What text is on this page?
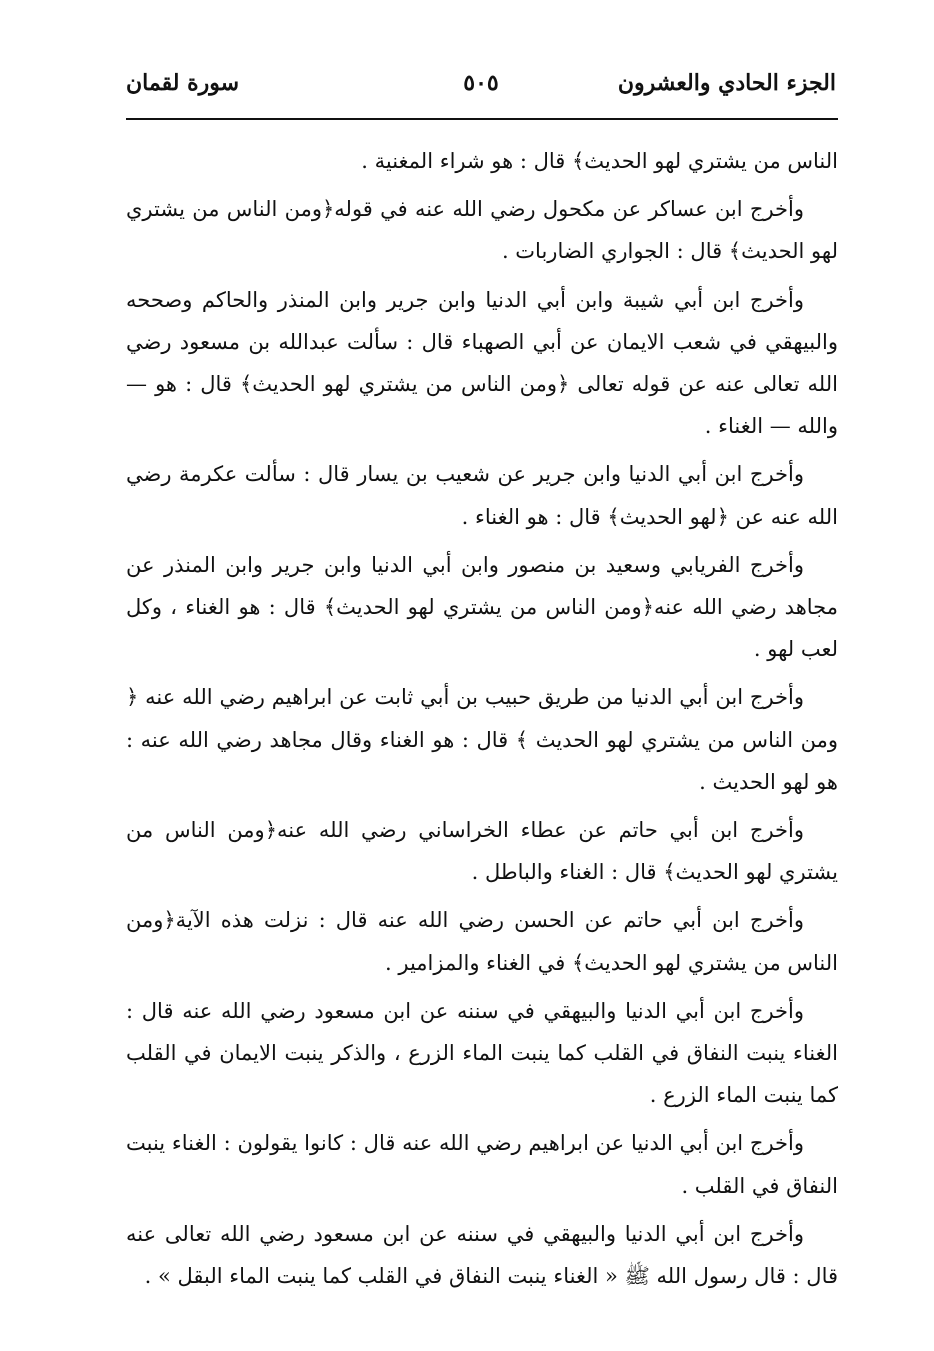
الجزء الحادي والعشرون
٥٠٥
سورة لقمان

الناس من يشتري لهو الحديث﴾ قال : هو شراء المغنية .

وأخرج ابن عساكر عن مكحول رضي الله عنه في قوله﴿ومن الناس من يشتري لهو الحديث﴾ قال : الجواري الضاربات .

وأخرج ابن أبي شيبة وابن أبي الدنيا وابن جرير وابن المنذر والحاكم وصححه والبيهقي في شعب الايمان عن أبي الصهباء قال : سألت عبدالله بن مسعود رضي الله تعالى عنه عن قوله تعالى ﴿ومن الناس من يشتري لهو الحديث﴾ قال : هو — والله — الغناء .

وأخرج ابن أبي الدنيا وابن جرير عن شعيب بن يسار قال : سألت عكرمة رضي الله عنه عن ﴿لهو الحديث﴾ قال : هو الغناء .

وأخرج الفريابي وسعيد بن منصور وابن أبي الدنيا وابن جرير وابن المنذر عن مجاهد رضي الله عنه﴿ومن الناس من يشتري لهو الحديث﴾ قال : هو الغناء ، وكل لعب لهو .

وأخرج ابن أبي الدنيا من طريق حبيب بن أبي ثابت عن ابراهيم رضي الله عنه ﴿ ومن الناس من يشتري لهو الحديث ﴾ قال : هو الغناء وقال مجاهد رضي الله عنه : هو لهو الحديث .

وأخرج ابن أبي حاتم عن عطاء الخراساني رضي الله عنه﴿ومن الناس من يشتري لهو الحديث﴾ قال : الغناء والباطل .

وأخرج ابن أبي حاتم عن الحسن رضي الله عنه قال : نزلت هذه الآية﴿ومن الناس من يشتري لهو الحديث﴾ في الغناء والمزامير .

وأخرج ابن أبي الدنيا والبيهقي في سننه عن ابن مسعود رضي الله عنه قال : الغناء ينبت النفاق في القلب كما ينبت الماء الزرع ، والذكر ينبت الايمان في القلب كما ينبت الماء الزرع .

وأخرج ابن أبي الدنيا عن ابراهيم رضي الله عنه قال : كانوا يقولون : الغناء ينبت النفاق في القلب .

وأخرج ابن أبي الدنيا والبيهقي في سننه عن ابن مسعود رضي الله تعالى عنه قال : قال رسول الله ﷺ « الغناء ينبت النفاق في القلب كما ينبت الماء البقل » .
